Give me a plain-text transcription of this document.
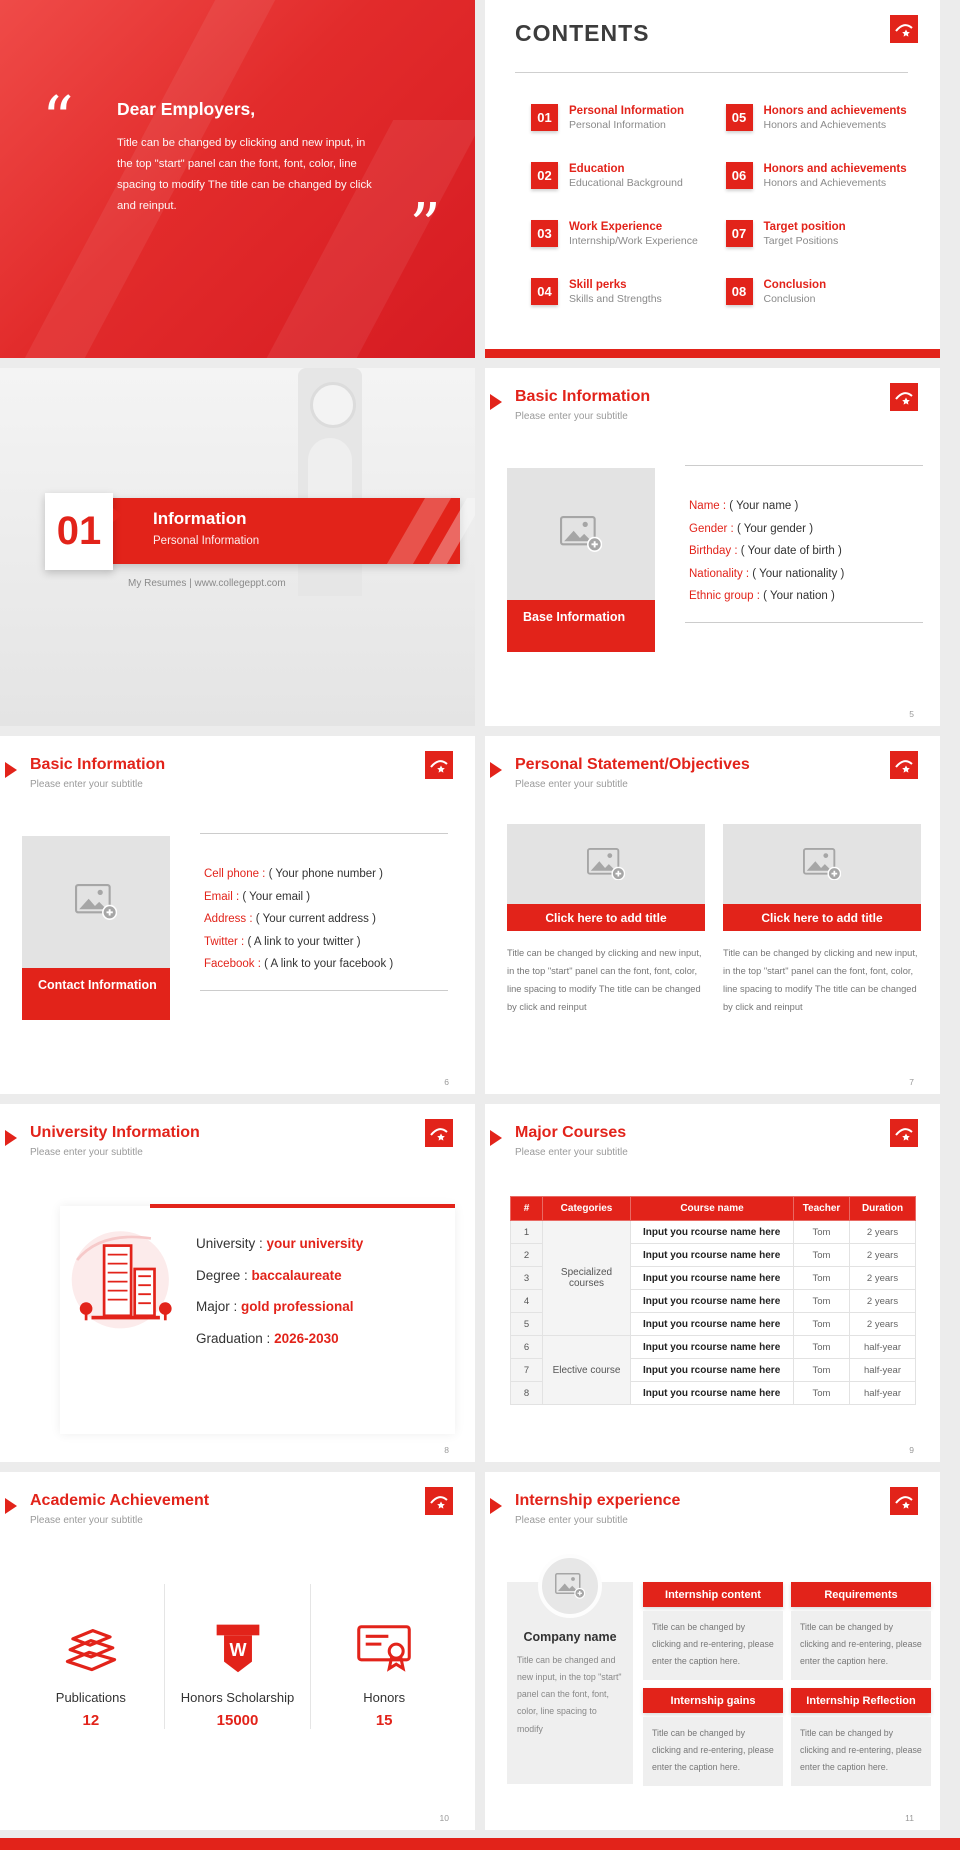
“ Dear Employers,
Title can be changed by clicking and new input, in the top "start" panel can the font, font, color, line spacing to modify The title can be changed by click and reinput.	”
CONTENTS
01	Personal Information
Personal Information
02	Education
Educational Background
03	Work Experience
Internship/Work Experience
04	Skill perks
Skills and Strengths
05	Honors and achievements
Honors and Achievements
06	Honors and achievements
Honors and Achievements
07	Target position
Target Positions
08	Conclusion
Conclusion
01	Information
Personal Information
My Resumes | www.collegeppt.com
Basic Information
Please enter your subtitle
Base Information
Name : ( Your name )
Gender : ( Your gender )
Birthday : ( Your date of birth )
Nationality : ( Your nationality )
Ethnic group : ( Your nation )
5
Basic Information
Please enter your subtitle
Contact Information
Cell phone : ( Your phone number )
Email : ( Your email )
Address : ( Your current address )
Twitter : ( A link to your twitter )
Facebook : ( A link to your facebook )
6
Personal Statement/Objectives
Please enter your subtitle
Click here to add title
Title can be changed by clicking and new input, in the top "start" panel can the font, font, color, line spacing to modify The title can be changed by click and reinput
Click here to add title
Title can be changed by clicking and new input, in the top "start" panel can the font, font, color, line spacing to modify The title can be changed by click and reinput
7
University Information
Please enter your subtitle
University : your university
Degree : baccalaureate
Major : gold professional
Graduation : 2026-2030
8
Major Courses
Please enter your subtitle
#	Categories	Course name	Teacher	Duration
1	Specialized courses	Input you rcourse name here	Tom	2 years
2		Input you rcourse name here	Tom	2 years
3		Input you rcourse name here	Tom	2 years
4		Input you rcourse name here	Tom	2 years
5		Input you rcourse name here	Tom	2 years
6	Elective course	Input you rcourse name here	Tom	half-year
7		Input you rcourse name here	Tom	half-year
8		Input you rcourse name here	Tom	half-year
9
Academic Achievement
Please enter your subtitle
Publications
12
W
Honors Scholarship
15000
Honors
15
10
Internship experience
Please enter your subtitle
Company name
Title can be changed and new input, in the top "start" panel can the font, font, color, line spacing to modify
Internship content
Title can be changed by clicking and re-entering, please enter the caption here.
Requirements
Title can be changed by clicking and re-entering, please enter the caption here.
Internship gains
Title can be changed by clicking and re-entering, please enter the caption here.
Internship Reflection
Title can be changed by clicking and re-entering, please enter the caption here.
11
